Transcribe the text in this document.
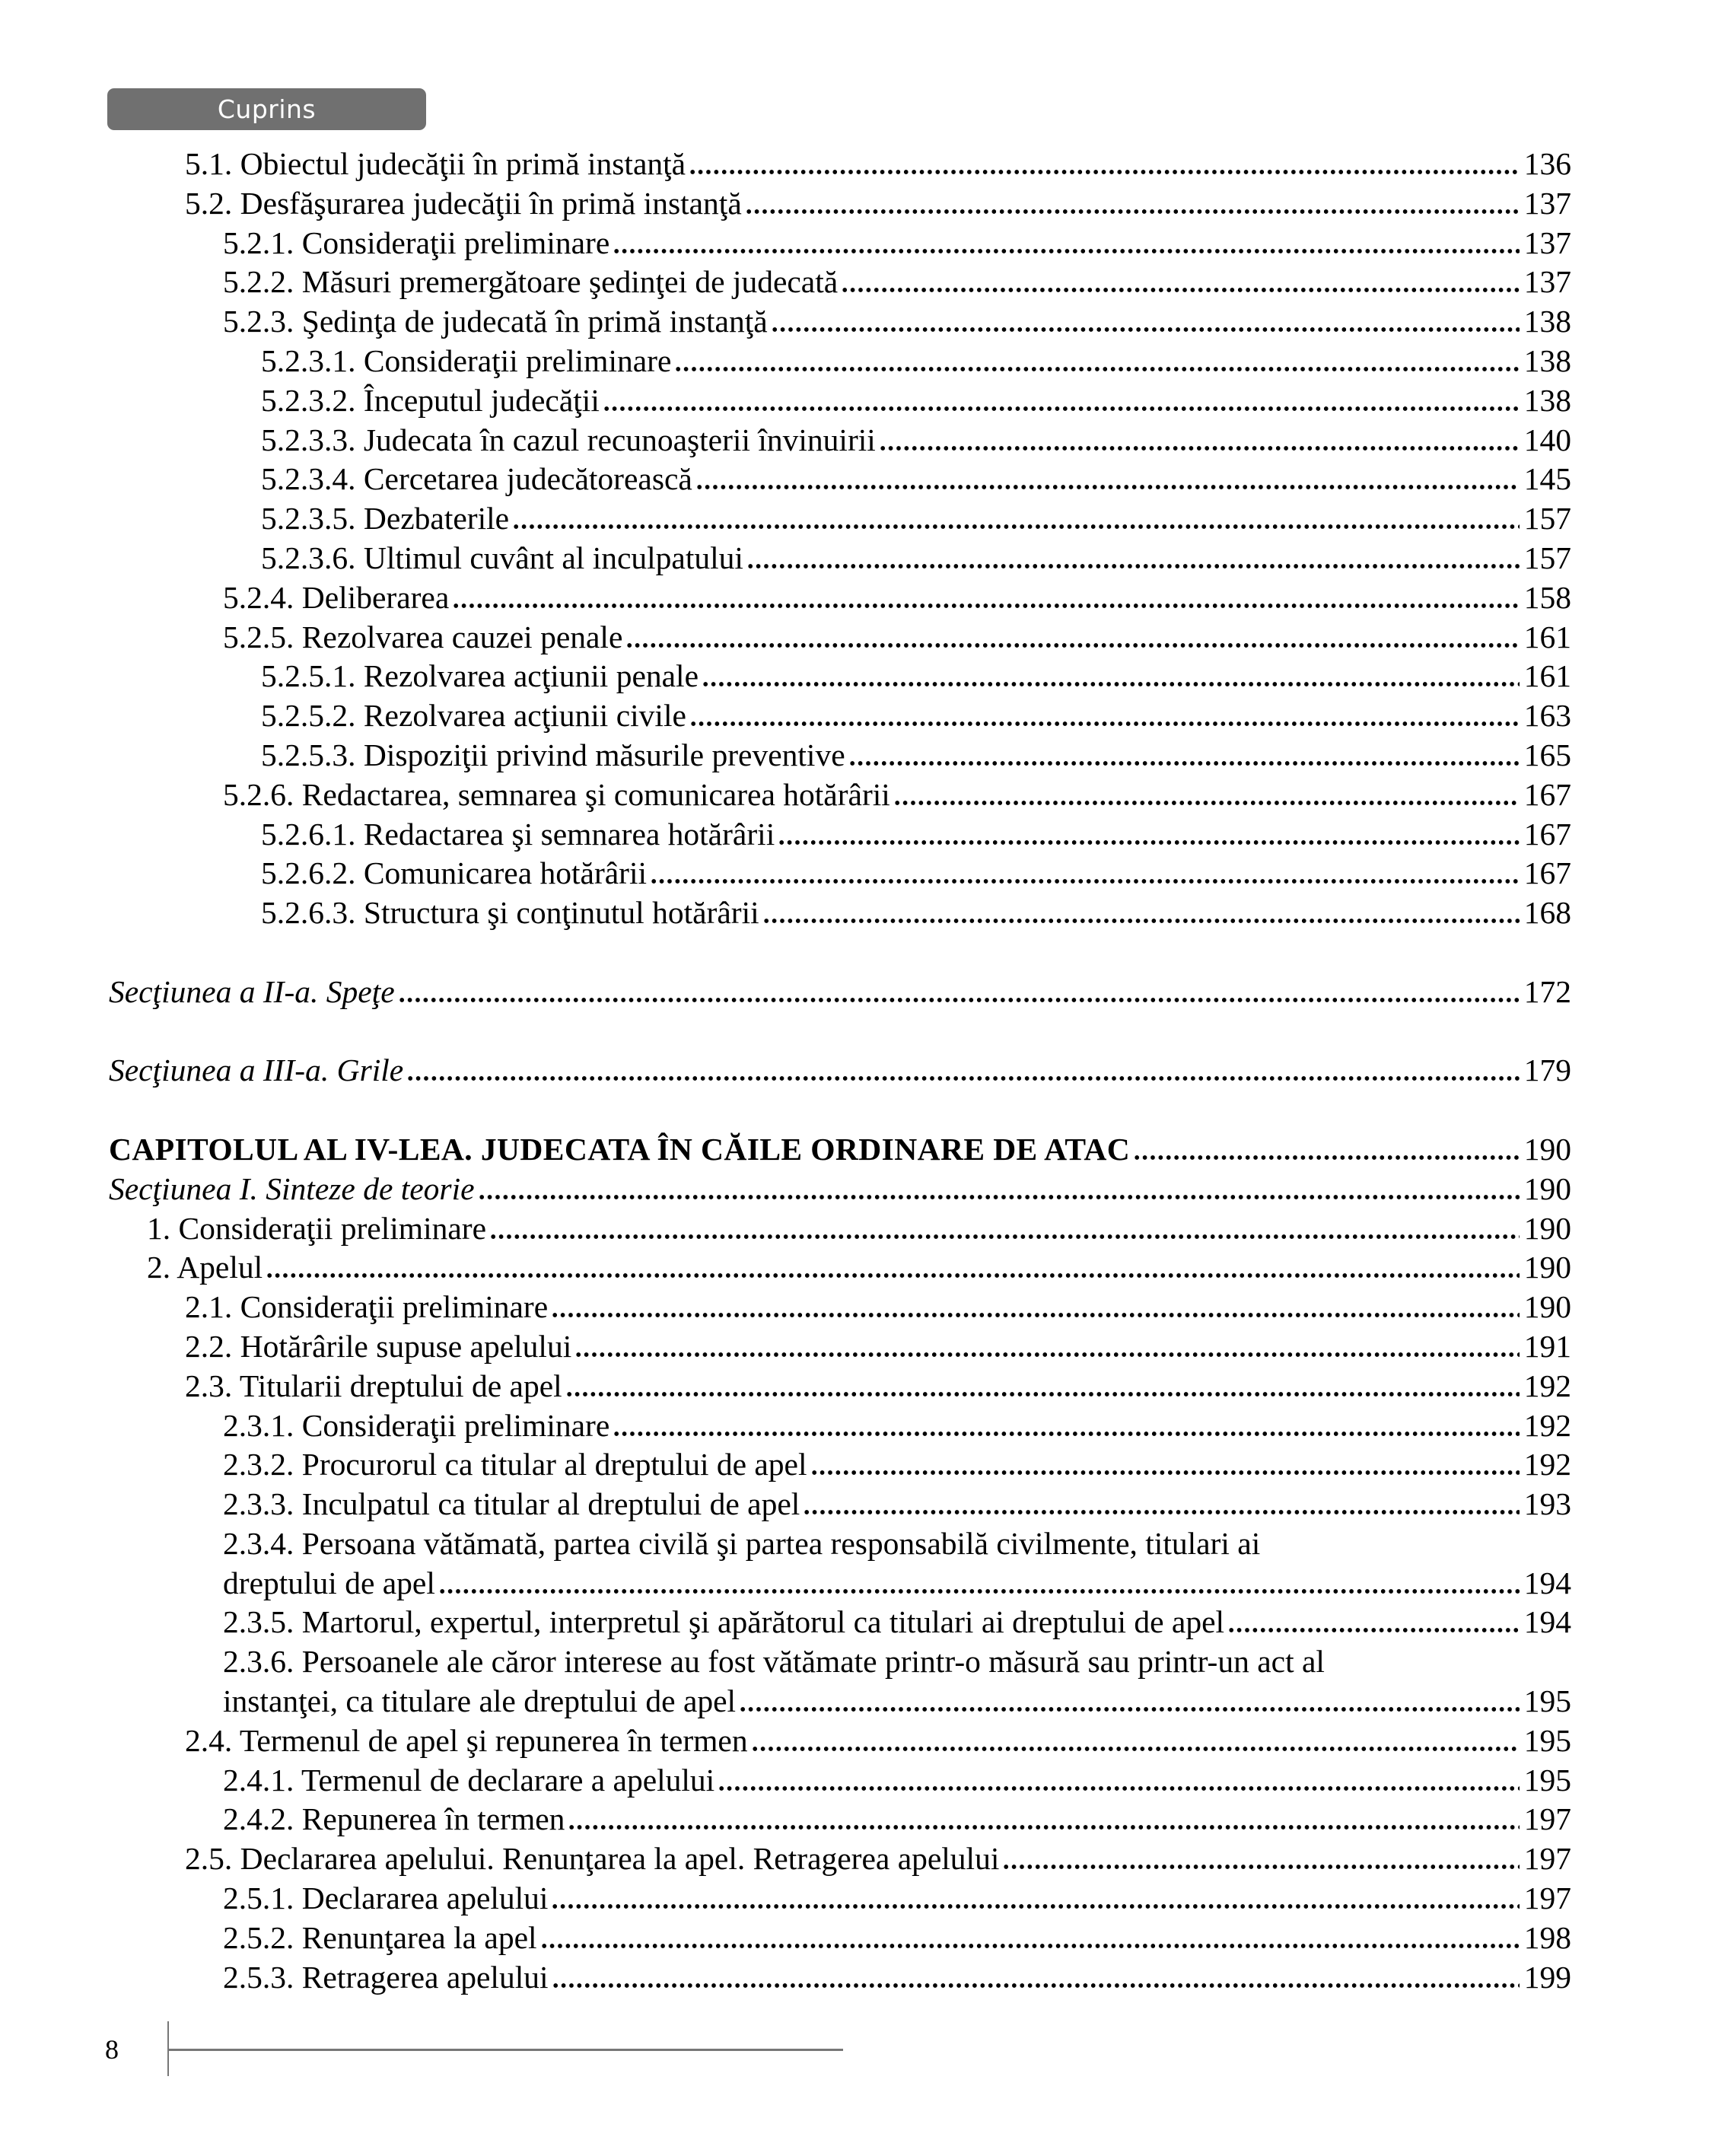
Cuprins
5.1. Obiectul judecăţii în primă instanţă	136
5.2. Desfăşurarea judecăţii în primă instanţă	137
5.2.1. Consideraţii preliminare	137
5.2.2. Măsuri premergătoare şedinţei de judecată	137
5.2.3. Şedinţa de judecată în primă instanţă	138
5.2.3.1. Consideraţii preliminare	138
5.2.3.2. Începutul judecăţii	138
5.2.3.3. Judecata în cazul recunoaşterii învinuirii	140
5.2.3.4. Cercetarea judecătorească	145
5.2.3.5. Dezbaterile	157
5.2.3.6. Ultimul cuvânt al inculpatului	157
5.2.4. Deliberarea	158
5.2.5. Rezolvarea cauzei penale	161
5.2.5.1. Rezolvarea acţiunii penale	161
5.2.5.2. Rezolvarea acţiunii civile	163
5.2.5.3. Dispoziţii privind măsurile preventive	165
5.2.6. Redactarea, semnarea şi comunicarea hotărârii	167
5.2.6.1. Redactarea şi semnarea hotărârii	167
5.2.6.2. Comunicarea hotărârii	167
5.2.6.3. Structura şi conţinutul hotărârii	168
Secţiunea a II-a. Speţe	172
Secţiunea a III-a. Grile	179
CAPITOLUL AL IV-LEA. JUDECATA ÎN CĂILE ORDINARE DE ATAC	190
Secţiunea I. Sinteze de teorie	190
1. Consideraţii preliminare	190
2. Apelul	190
2.1. Consideraţii preliminare	190
2.2. Hotărârile supuse apelului	191
2.3. Titularii dreptului de apel	192
2.3.1. Consideraţii preliminare	192
2.3.2. Procurorul ca titular al dreptului de apel	192
2.3.3. Inculpatul ca titular al dreptului de apel	193
2.3.4. Persoana vătămată, partea civilă şi partea responsabilă civilmente, titulari ai
dreptului de apel	194
2.3.5. Martorul, expertul, interpretul şi apărătorul ca titulari ai dreptului de apel	194
2.3.6. Persoanele ale căror interese au fost vătămate printr-o măsură sau printr-un act al
instanţei, ca titulare ale dreptului de apel	195
2.4. Termenul de apel şi repunerea în termen	195
2.4.1. Termenul de declarare a apelului	195
2.4.2. Repunerea în termen	197
2.5. Declararea apelului. Renunţarea la apel. Retragerea apelului	197
2.5.1. Declararea apelului	197
2.5.2. Renunţarea la apel	198
2.5.3. Retragerea apelului	199
8
